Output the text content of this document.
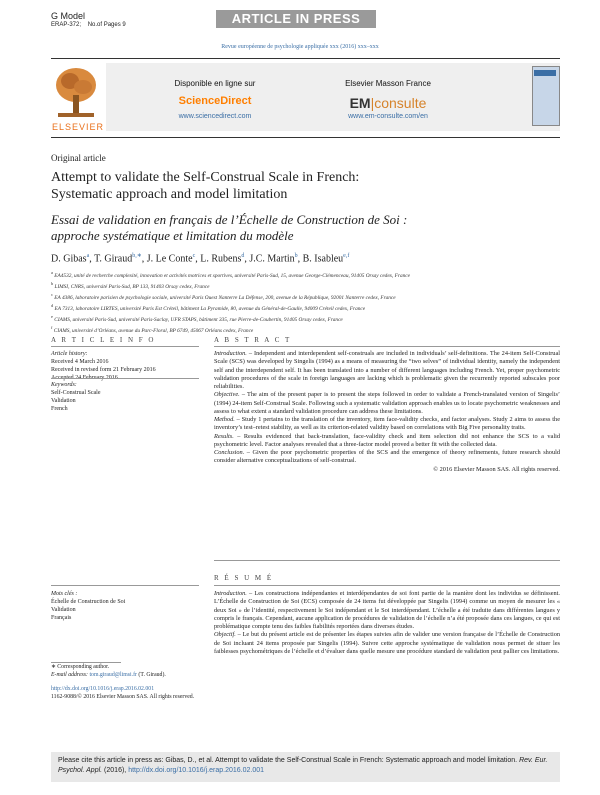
G Model
ERAP-372; No.of Pages 9	ARTICLE IN PRESS
Revue européenne de psychologie appliquée xxx (2016) xxx–xxx
ELSEVIER
Disponible en ligne sur
ScienceDirect
www.sciencedirect.com
Elsevier Masson France
EM|consulte
www.em-consulte.com/en
Original article
Attempt to validate the Self-Construal Scale in French:
Systematic approach and model limitation
Essai de validation en français de l’Échelle de Construction de Soi :
approche systématique et limitation du modèle
D. Gibas$^a$, T. Giraud$^{b,∗}$, J. Le Conte$^c$, L. Rubens$^d$, J.C. Martin$^b$, B. Isableu$^{e,f}$
$^a$ EA4532, unité de recherche complexité, innovation et activités motrices et sportives, université Paris-Sud, 15, avenue George-Clémenceau, 91405 Orsay cedex, France
$^b$ LIMSI, CNRS, université Paris-Sud, BP 133, 91403 Orsay cedex, France
$^c$ EA 4386, laboratoire parisien de psychologie sociale, université Paris Ouest Nanterre La Défense, 200, avenue de la République, 92001 Nanterre cedex, France
$^d$ EA 7313, laboratoire LIRTES, université Paris Est Créteil, bâtiment La Pyramide, 80, avenue du Général-de-Gaulle, 94009 Créteil cedex, France
$^e$ CIAMS, université Paris-Sud, université Paris-Saclay, UFR STAPS, bâtiment 335, rue Pierre-de-Coubertin, 91405 Orsay cedex, France
$^f$ CIAMS, université d’Orléans, avenue du Parc-Floral, BP 6749, 45067 Orléans cedex, France
A R T I C L E I N F O	A B S T R A C T
Article history:
Received 4 March 2016
Received in revised form 21 February 2016
Accepted 24 February 2016
Keywords:
Self-Construal Scale
Validation
French
Introduction. – Independent and interdependent self-construals are included in individuals’ self-definitions. The 24-item Self-Construal Scale (SCS) was developed by Singelis (1994) as a means of measuring the “two selves” of individual identity, namely the independent self and the interdependent self. It has been translated into a number of different languages including French. Yet, proper psychometric validation procedures of the scale in foreign languages are lacking which is problematic given the recurrently reported subscales poor reliabilities.
Objective. – The aim of the present paper is to present the steps followed in order to validate a French-translated version of Singelis’ (1994) 24-item Self-Construal Scale. Following such a systematic validation approach enables us to locate psychometric weaknesses and assess to what extent a standard validation procedure can address these limitations.
Method. – Study 1 pertains to the translation of the inventory, item face-validity checks, and factor analyses. Study 2 aims to assess the inventory’s test–retest stability, as well as its criterion-related validity based on correlations with Big Five personality traits.
Results. – Results evidenced that back-translation, face-validity check and item selection did not enhance the SCS to a valid psychometric level. Factor analyses revealed that a three-factor model proved a better fit with the collected data.
Conclusion. – Given the poor psychometric properties of the SCS and the emergence of theory refinements, future research should consider alternative conceptualizations of self-construal.
© 2016 Elsevier Masson SAS. All rights reserved.
R É S U M É
Mots clés :
Échelle de Construction de Soi
Validation
Français
Introduction. – Les constructions indépendantes et interdépendantes de soi font partie de la manière dont les individus se définissent. L’Échelle de Construction de Soi (ECS) composée de 24 items fut développée par Singelis (1994) comme un moyen de mesurer les « deux Soi » de l’identité, respectivement le Soi indépendant et le Soi interdépendant. L’échelle a été traduite dans différentes langues y compris le français. Cependant, aucune application de procédures de validation de l’échelle n’a été proposée dans ces langues, ce qui est problématique compte tenu des faibles fiabilités reportées dans diverses études.
Objectif. – Le but du présent article est de présenter les étapes suivies afin de valider une version française de l’Échelle de Construction de Soi incluant 24 items proposée par Singelis (1994). Suivre cette approche systématique de validation nous permet de situer les faiblesses psychométriques de l’échelle et d’évaluer dans quelle mesure une procédure standard de validation peut pallier ces limitations.
∗ Corresponding author.
E-mail address: tom.giraud@limsi.fr (T. Giraud).
http://dx.doi.org/10.1016/j.erap.2016.02.001
1162-9088/© 2016 Elsevier Masson SAS. All rights reserved.
Please cite this article in press as: Gibas, D., et al. Attempt to validate the Self-Construal Scale in French: Systematic approach and model limitation. Rev. Eur. Psychol. Appl. (2016), http://dx.doi.org/10.1016/j.erap.2016.02.001
